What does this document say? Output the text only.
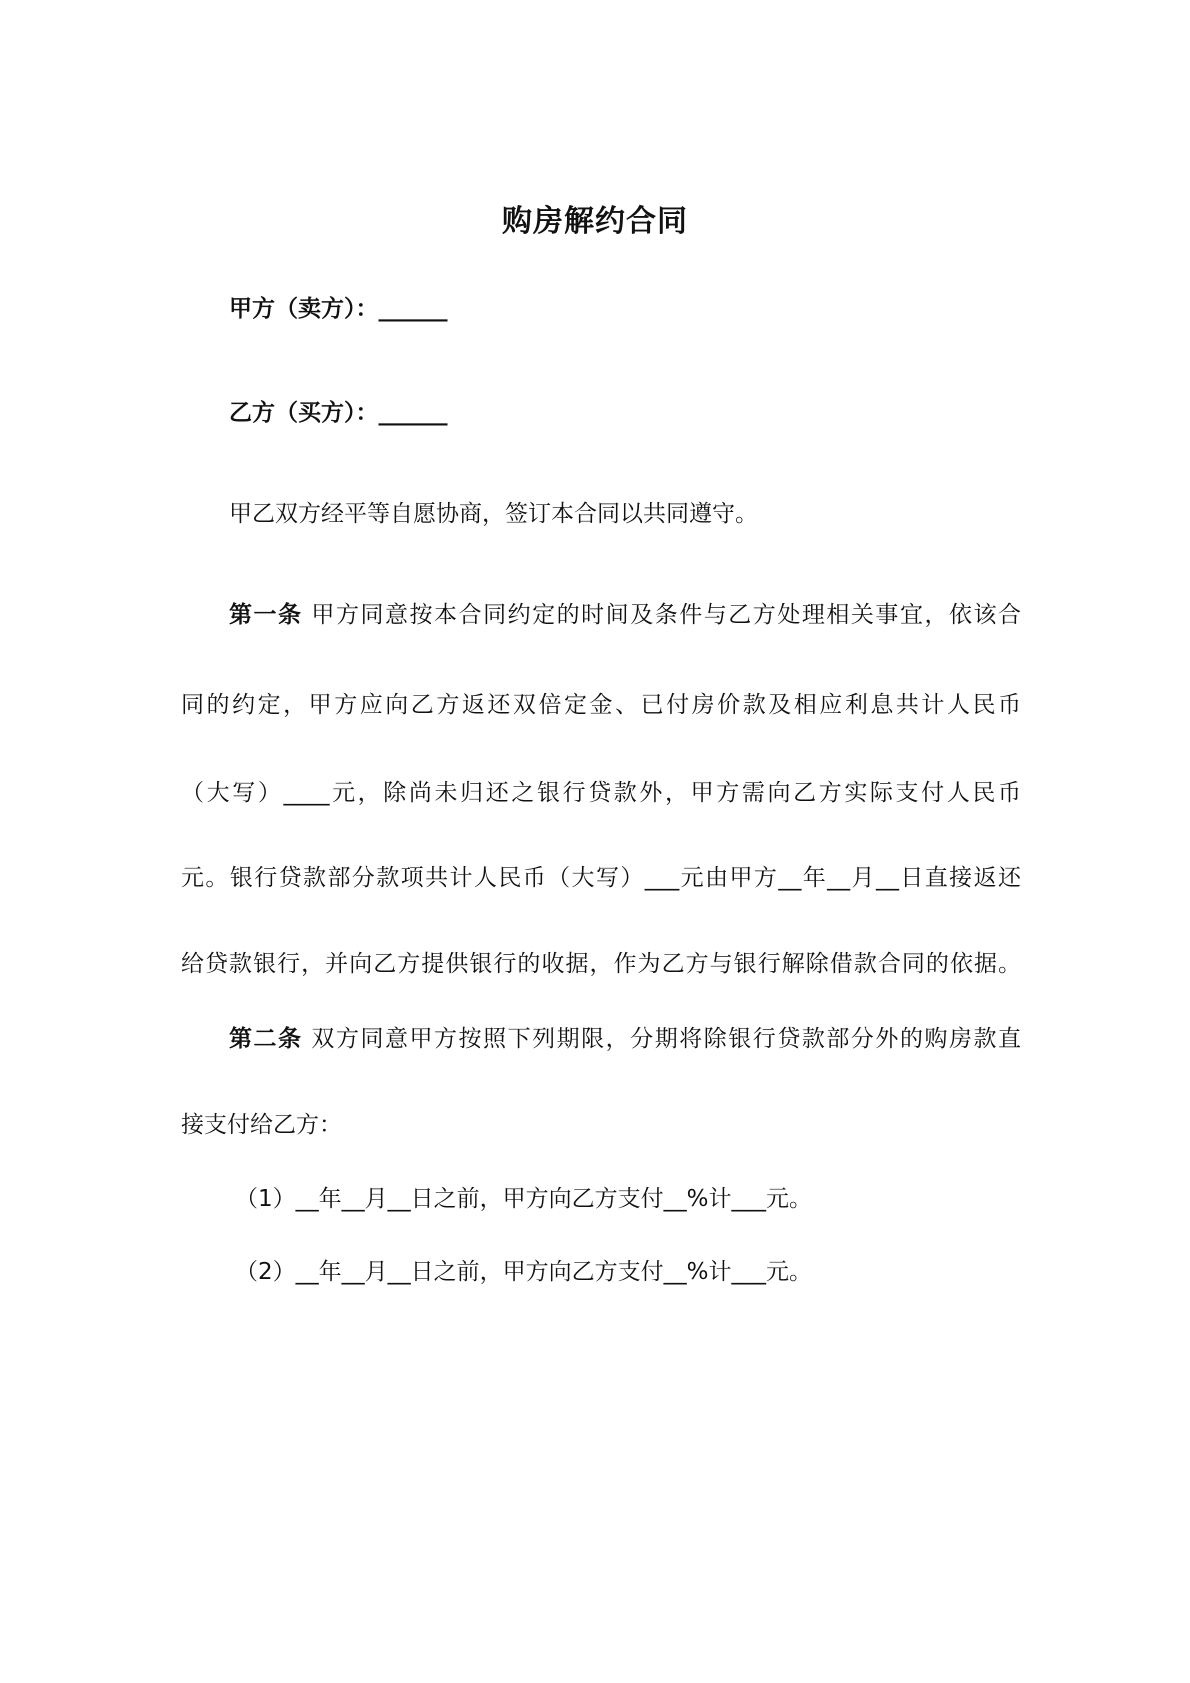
购房解约合同
甲方（卖方）：______
乙方（买方）：______
甲乙双方经平等自愿协商，签订本合同以共同遵守。
第一条 甲方同意按本合同约定的时间及条件与乙方处理相关事宜，依该合
同的约定，甲方应向乙方返还双倍定金、已付房价款及相应利息共计人民币
（大写）____元，除尚未归还之银行贷款外，甲方需向乙方实际支付人民币
元。银行贷款部分款项共计人民币（大写）___元由甲方__年__月__日直接返还
给贷款银行，并向乙方提供银行的收据，作为乙方与银行解除借款合同的依据。
第二条 双方同意甲方按照下列期限，分期将除银行贷款部分外的购房款直
接支付给乙方：
（1）__年__月__日之前，甲方向乙方支付__%计___元。
（2）__年__月__日之前，甲方向乙方支付__%计___元。
